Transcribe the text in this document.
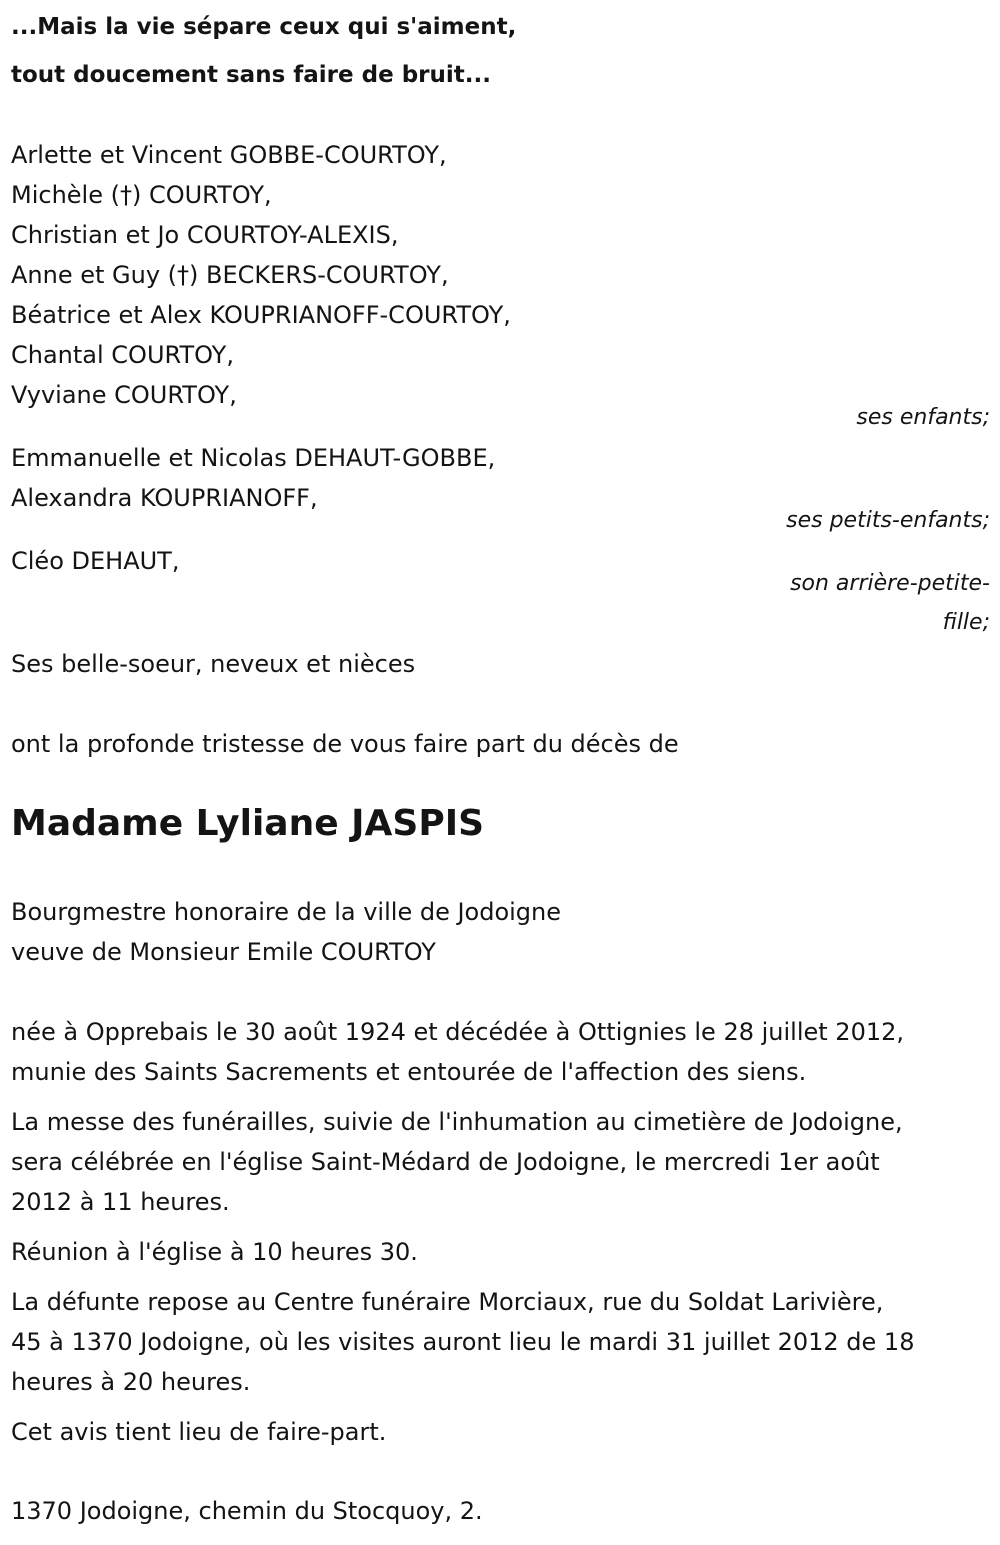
...Mais la vie sépare ceux qui s'aiment,
tout doucement sans faire de bruit...
Arlette et Vincent GOBBE-COURTOY,
Michèle (†) COURTOY,
Christian et Jo COURTOY-ALEXIS,
Anne et Guy (†) BECKERS-COURTOY,
Béatrice et Alex KOUPRIANOFF-COURTOY,
Chantal COURTOY,
Vyviane COURTOY,
ses enfants;
Emmanuelle et Nicolas DEHAUT-GOBBE,
Alexandra KOUPRIANOFF,
ses petits-enfants;
Cléo DEHAUT,
son arrière-petite-
fille;
Ses belle-soeur, neveux et nièces
ont la profonde tristesse de vous faire part du décès de
Madame Lyliane JASPIS
Bourgmestre honoraire de la ville de Jodoigne
veuve de Monsieur Emile COURTOY
née à Opprebais le 30 août 1924 et décédée à Ottignies le 28 juillet 2012,
munie des Saints Sacrements et entourée de l'affection des siens.
La messe des funérailles, suivie de l'inhumation au cimetière de Jodoigne,
sera célébrée en l'église Saint-Médard de Jodoigne, le mercredi 1er août
2012 à 11 heures.
Réunion à l'église à 10 heures 30.
La défunte repose au Centre funéraire Morciaux, rue du Soldat Larivière,
45 à 1370 Jodoigne, où les visites auront lieu le mardi 31 juillet 2012 de 18
heures à 20 heures.
Cet avis tient lieu de faire-part.
1370 Jodoigne, chemin du Stocquoy, 2.
